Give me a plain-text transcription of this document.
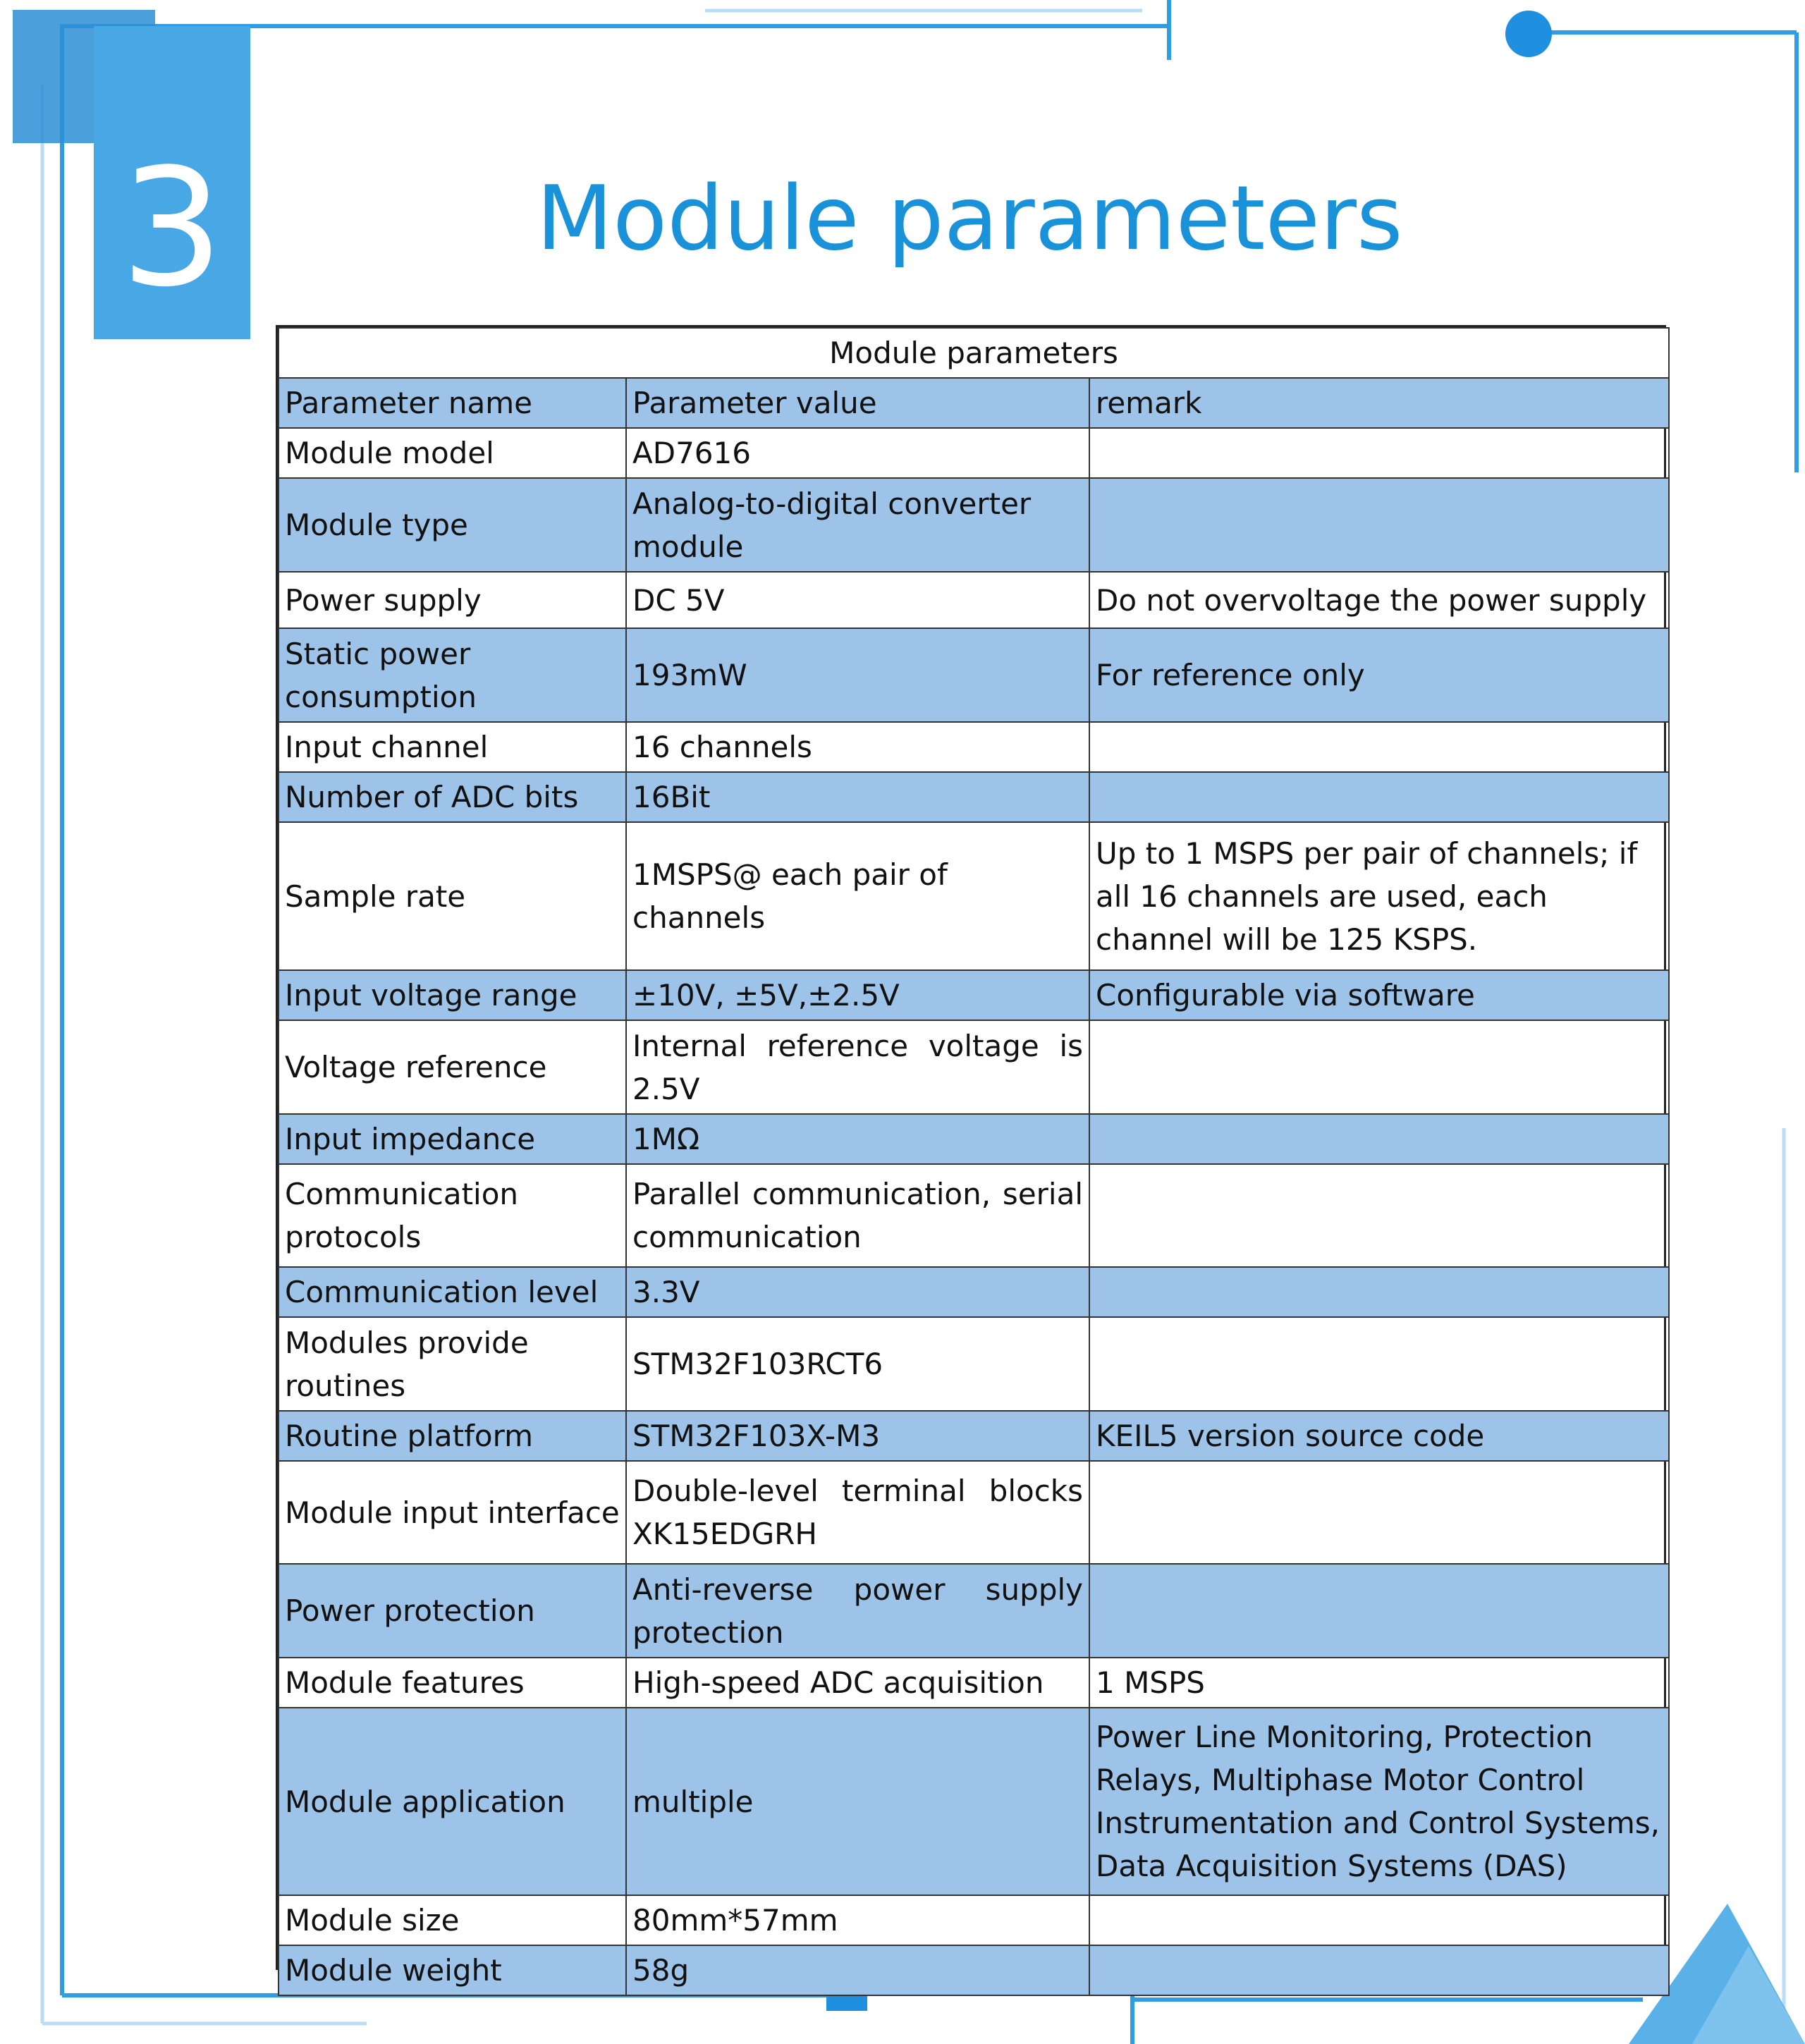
3	Module parameters
Module parameters		
Parameter name	Parameter value	remark
Module model	AD7616	
Module type	Analog-to-digital converter module	
Power supply	DC 5V	Do not overvoltage the power supply
Static power consumption	193mW	For reference only
Input channel	16 channels	
Number of ADC bits	16Bit	
Sample rate	1MSPS@ each pair of channels	Up to 1 MSPS per pair of channels; if all 16 channels are used, each channel will be 125 KSPS.
Input voltage range	±10V, ±5V,±2.5V	Configurable via software
Voltage reference	Internal reference voltage is 2.5V	
Input impedance	1MΩ	
Communication protocols	Parallel communication, serial communication	
Communication level	3.3V	
Modules provide routines	STM32F103RCT6	
Routine platform	STM32F103X-M3	KEIL5 version source code
Module input interface	Double-level terminal blocks XK15EDGRH	
Power protection	Anti-reverse power supply protection	
Module features	High-speed ADC acquisition	1 MSPS
Module application	multiple	Power Line Monitoring, Protection Relays, Multiphase Motor Control Instrumentation and Control Systems, Data Acquisition Systems (DAS)
Module size	80mm*57mm	
Module weight	58g	
